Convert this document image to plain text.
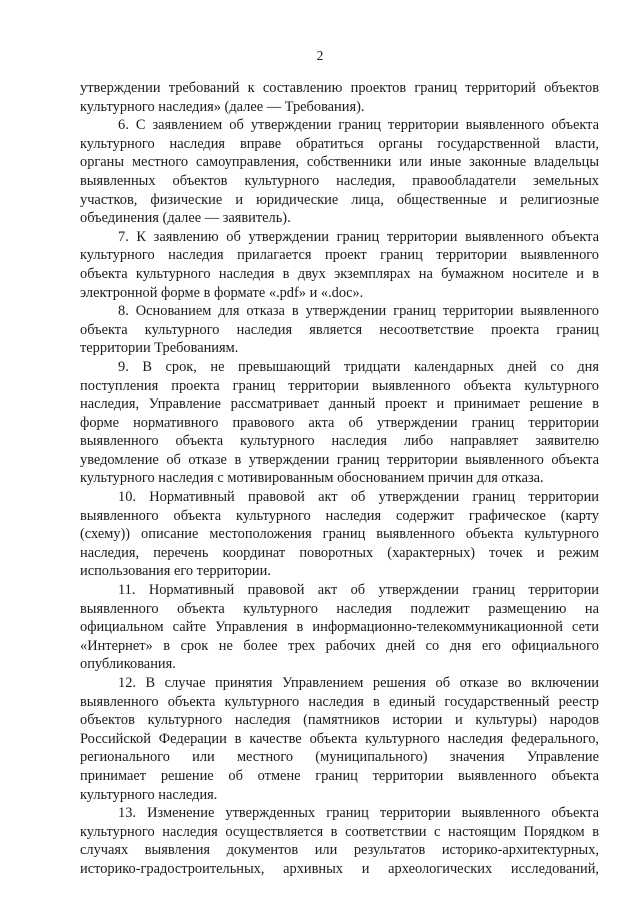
2
утверждении требований к составлению проектов границ территорий объектов
культурного наследия» (далее — Требования).
6. С заявлением об утверждении границ территории выявленного объекта
культурного наследия вправе обратиться органы государственной власти,
органы местного самоуправления, собственники или иные законные владельцы
выявленных объектов культурного наследия, правообладатели земельных
участков, физические и юридические лица, общественные и религиозные
объединения (далее — заявитель).
7. К заявлению об утверждении границ территории выявленного объекта
культурного наследия прилагается проект границ территории выявленного
объекта культурного наследия в двух экземплярах на бумажном носителе и в
электронной форме в формате «.pdf» и «.doc».
8. Основанием для отказа в утверждении границ территории выявленного
объекта культурного наследия является несоответствие проекта границ
территории Требованиям.
9. В срок, не превышающий тридцати календарных дней со дня
поступления проекта границ территории выявленного объекта культурного
наследия, Управление рассматривает данный проект и принимает решение в
форме нормативного правового акта об утверждении границ территории
выявленного объекта культурного наследия либо направляет заявителю
уведомление об отказе в утверждении границ территории выявленного объекта
культурного наследия с мотивированным обоснованием причин для отказа.
10. Нормативный правовой акт об утверждении границ территории
выявленного объекта культурного наследия содержит графическое (карту
(схему)) описание местоположения границ выявленного объекта культурного
наследия, перечень координат поворотных (характерных) точек и режим
использования его территории.
11. Нормативный правовой акт об утверждении границ территории
выявленного объекта культурного наследия подлежит размещению на
официальном сайте Управления в информационно-телекоммуникационной сети
«Интернет» в срок не более трех рабочих дней со дня его официального
опубликования.
12. В случае принятия Управлением решения об отказе во включении
выявленного объекта культурного наследия в единый государственный реестр
объектов культурного наследия (памятников истории и культуры) народов
Российской Федерации в качестве объекта культурного наследия федерального,
регионального или местного (муниципального) значения Управление
принимает решение об отмене границ территории выявленного объекта
культурного наследия.
13. Изменение утвержденных границ территории выявленного объекта
культурного наследия осуществляется в соответствии с настоящим Порядком в
случаях выявления документов или результатов историко-архитектурных,
историко-градостроительных, архивных и археологических исследований,
